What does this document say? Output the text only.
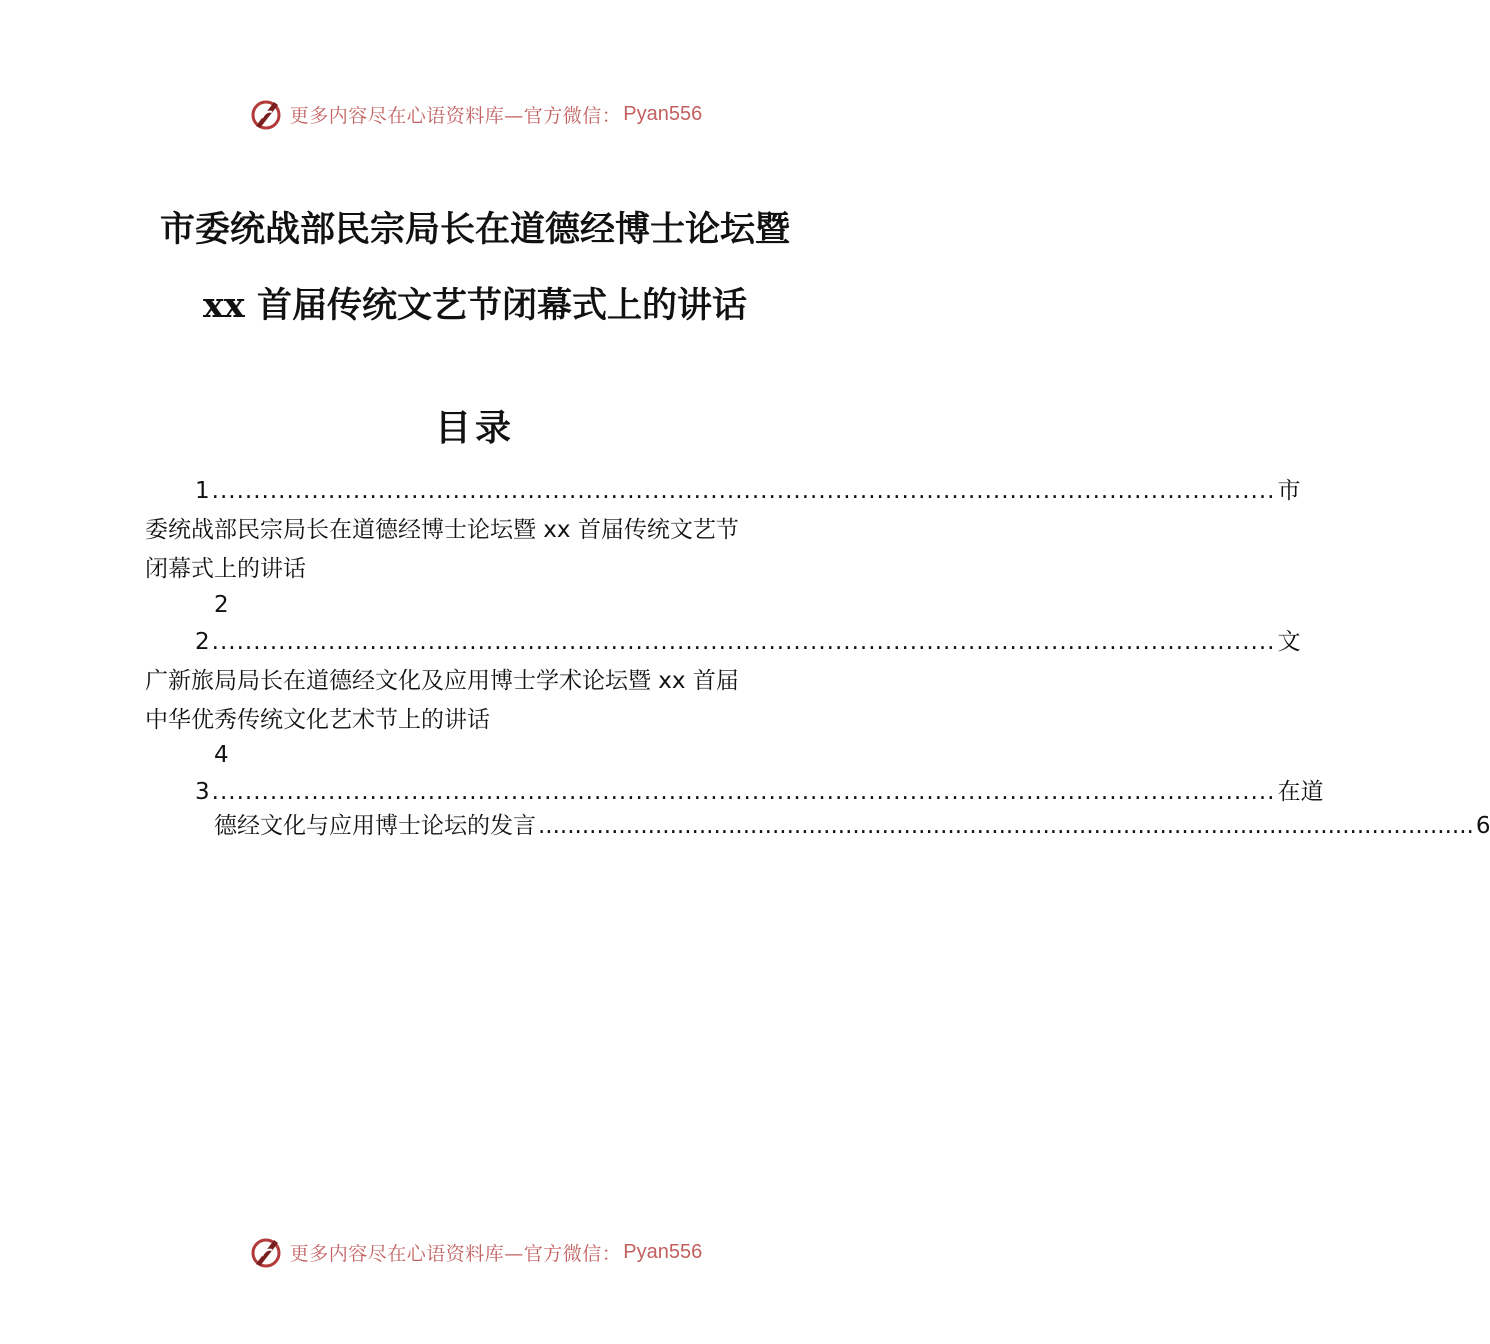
更多内容尽在心语资料库—官方微信： Pyan556
市委统战部民宗局长在道德经博士论坛暨
xx 首届传统文艺节闭幕式上的讲话
目录
1 ................................................................................................................................ 市
委统战部民宗局长在道德经博士论坛暨 xx 首届传统文艺节
闭幕式上的讲话
2
2 ................................................................................................................................ 文
广新旅局局长在道德经文化及应用博士学术论坛暨 xx 首届
中华优秀传统文化艺术节上的讲话
4
3 ................................................................................................................................ 在道
德经文化与应用博士论坛的发言 ................................................................................................................................ 6
更多内容尽在心语资料库—官方微信： Pyan556
